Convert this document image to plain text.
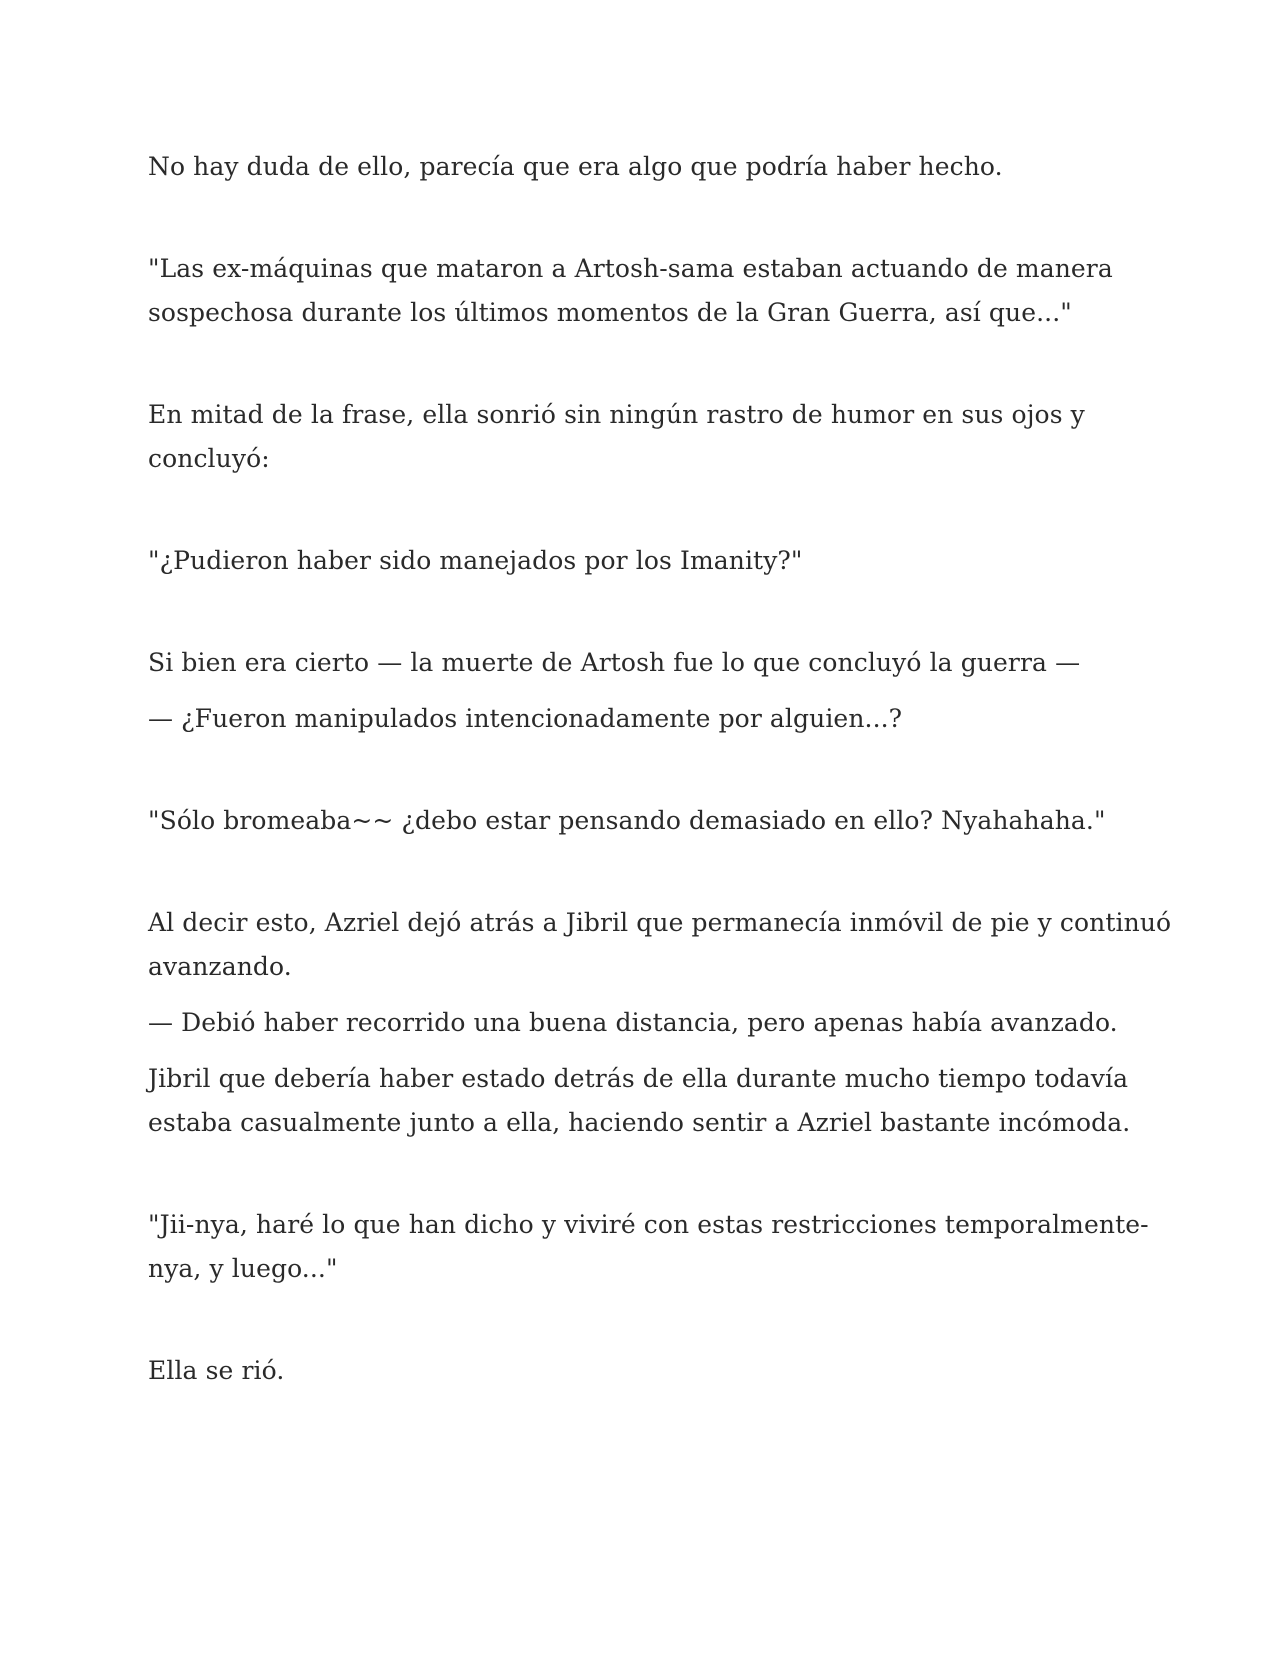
No hay duda de ello, parecía que era algo que podría haber hecho.
"Las ex-máquinas que mataron a Artosh-sama estaban actuando de manera
sospechosa durante los últimos momentos de la Gran Guerra, así que..."
En mitad de la frase, ella sonrió sin ningún rastro de humor en sus ojos y
concluyó:
"¿Pudieron haber sido manejados por los Imanity?"
Si bien era cierto — la muerte de Artosh fue lo que concluyó la guerra —
— ¿Fueron manipulados intencionadamente por alguien...?
"Sólo bromeaba~~ ¿debo estar pensando demasiado en ello? Nyahahaha."
Al decir esto, Azriel dejó atrás a Jibril que permanecía inmóvil de pie y continuó
avanzando.
— Debió haber recorrido una buena distancia, pero apenas había avanzado.
Jibril que debería haber estado detrás de ella durante mucho tiempo todavía
estaba casualmente junto a ella, haciendo sentir a Azriel bastante incómoda.
"Jii-nya, haré lo que han dicho y viviré con estas restricciones temporalmente-
nya, y luego..."
Ella se rió.
